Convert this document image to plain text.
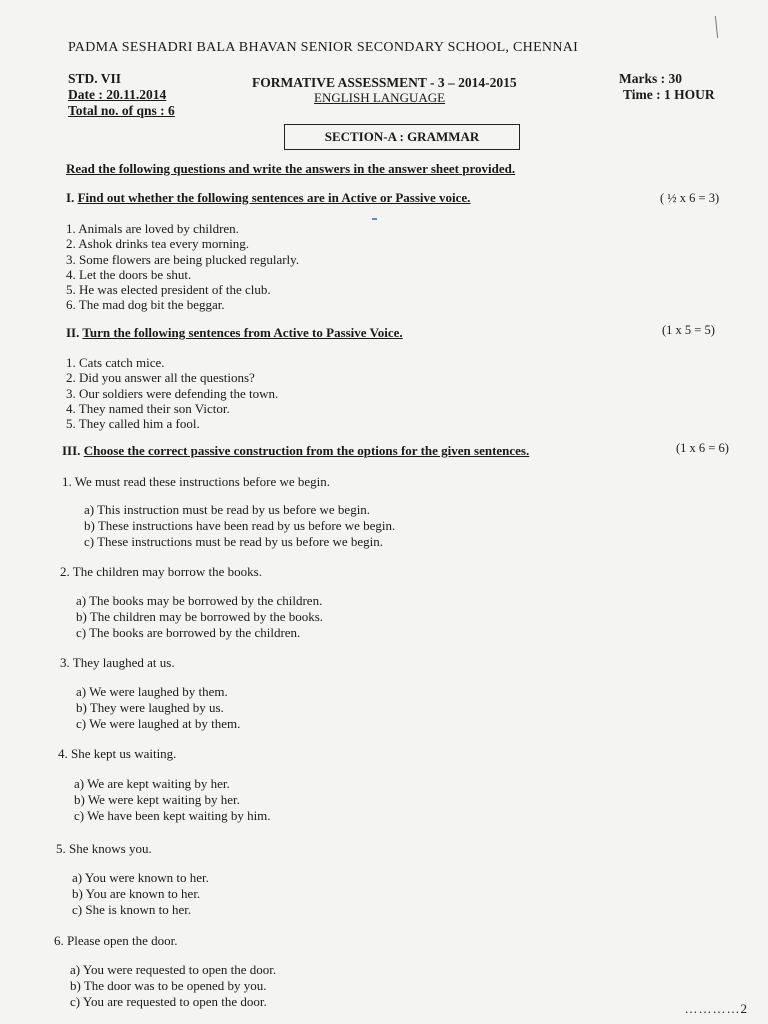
PADMA SESHADRI BALA BHAVAN SENIOR SECONDARY SCHOOL, CHENNAI
STD. VII
Date : 20.11.2014
Total no. of qns : 6
FORMATIVE ASSESSMENT - 3 – 2014-2015
ENGLISH LANGUAGE
Marks : 30
Time : 1 HOUR
SECTION-A : GRAMMAR
Read the following questions and write the answers in the answer sheet provided.
I. Find out whether the following sentences are in Active or Passive voice.	( ½ x 6 = 3)
1. Animals are loved by children.
2. Ashok drinks tea every morning.
3. Some flowers are being plucked regularly.
4. Let the doors be shut.
5. He was elected president of the club.
6. The mad dog bit the beggar.
II. Turn the following sentences from Active to Passive Voice.	(1 x 5 = 5)
1. Cats catch mice.
2. Did you answer all the questions?
3. Our soldiers were defending the town.
4. They named their son Victor.
5. They called him a fool.
III. Choose the correct passive construction from the options for the given sentences.	(1 x 6 = 6)
1. We must read these instructions before we begin.
a) This instruction must be read by us before we begin.
b) These instructions have been read by us before we begin.
c) These instructions must be read by us before we begin.
2. The children may borrow the books.
a) The books may be borrowed by the children.
b) The children may be borrowed by the books.
c) The books are borrowed by the children.
3. They laughed at us.
a) We were laughed by them.
b) They were laughed by us.
c) We were laughed at by them.
4. She kept us waiting.
a) We are kept waiting by her.
b) We were kept waiting by her.
c) We have been kept waiting by him.
5. She knows you.
a) You were known to her.
b) You are known to her.
c) She is known to her.
6. Please open the door.
a) You were requested to open the door.
b) The door was to be opened by you.
c) You are requested to open the door.	…………2
